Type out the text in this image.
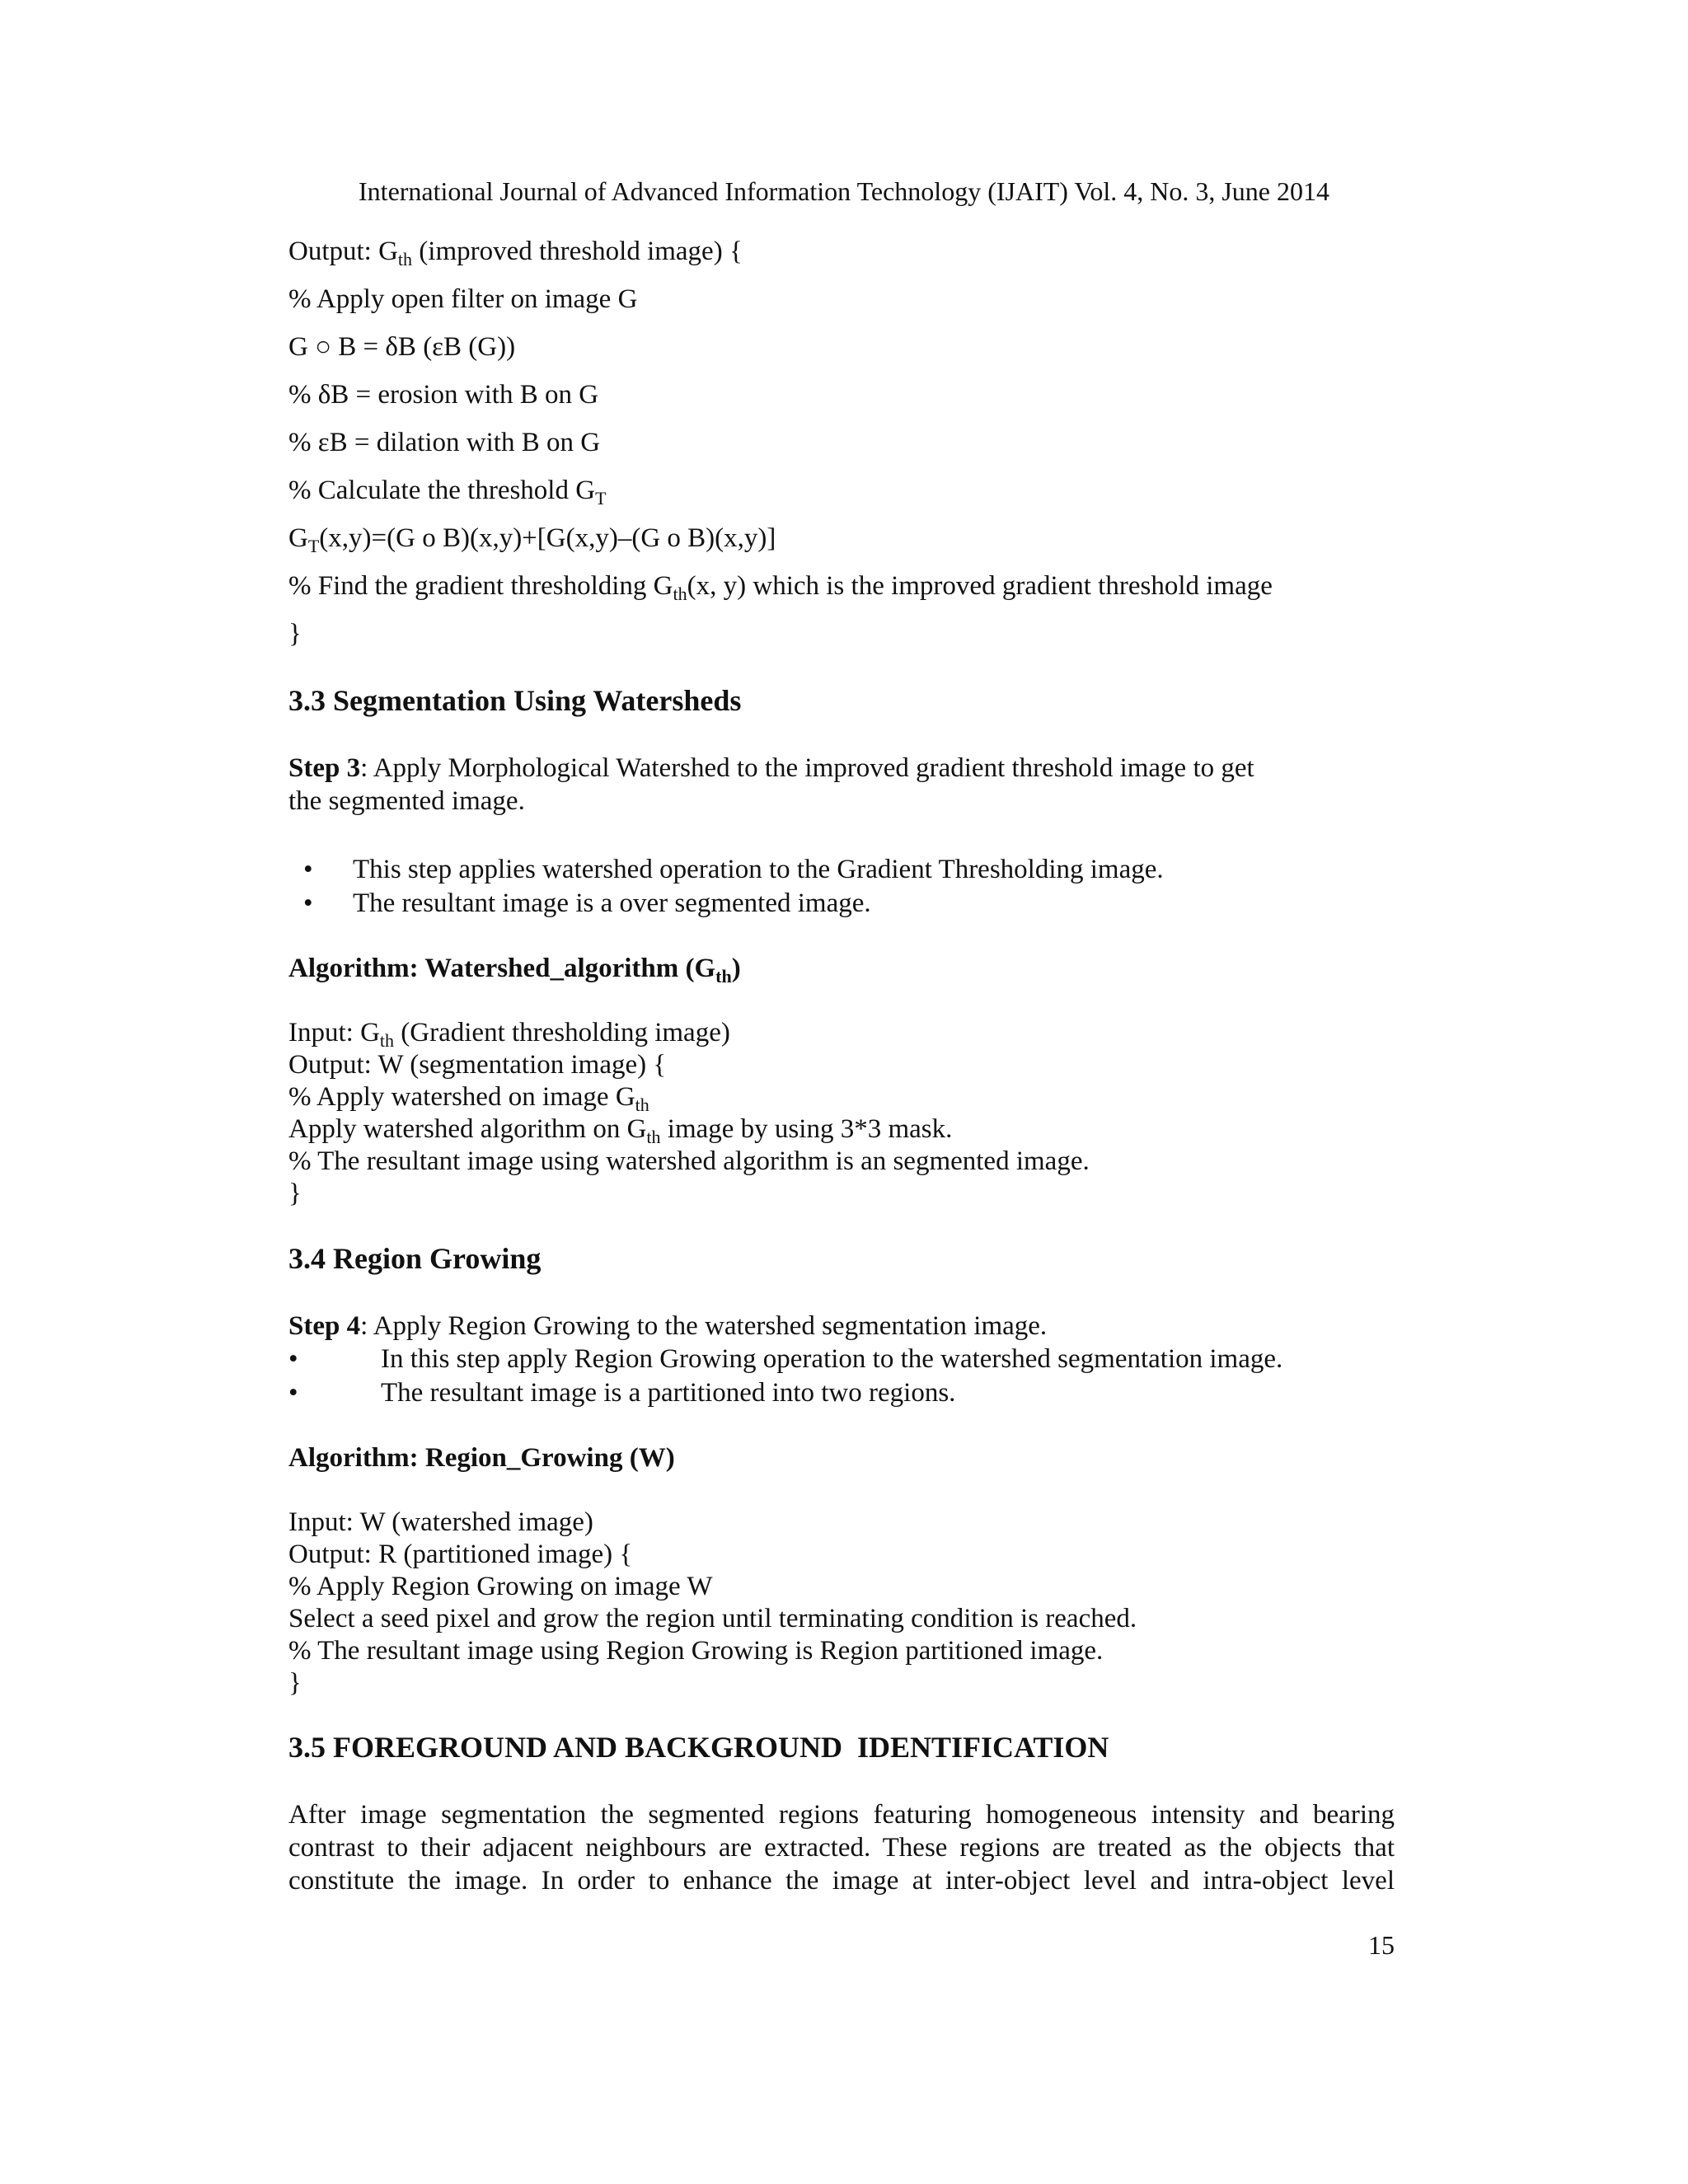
International Journal of Advanced Information Technology (IJAIT) Vol. 4, No. 3, June 2014

Output: $G_{th}$ (improved threshold image) {

% Apply open filter on image G

G ○ B = δB (εB (G))

% δB = erosion with B on G

% εB = dilation with B on G

% Calculate the threshold $G_T$

$G_T(x,y)=(G$ o B)(x,y)+[G(x,y)–(G o B)(x,y)]

% Find the gradient thresholding $G_{th}(x$, y) which is the improved gradient threshold image

}

3.3 Segmentation Using Watersheds

Step 3: Apply Morphological Watershed to the improved gradient threshold image to get

the segmented image.

• This step applies watershed operation to the Gradient Thresholding image.
• The resultant image is a over segmented image.
Algorithm: Watershed_algorithm $(G_{th})$

Input: $G_{th}$ (Gradient thresholding image)

Output: W (segmentation image) {

% Apply watershed on image $G_{th}$

Apply watershed algorithm on $G_{th}$ image by using 3*3 mask.

% The resultant image using watershed algorithm is an segmented image.

}

3.4 Region Growing

Step 4: Apply Region Growing to the watershed segmentation image.

•	In this step apply Region Growing operation to the watershed segmentation image.
•	The resultant image is a partitioned into two regions.
Algorithm: Region_Growing (W)

Input: W (watershed image)

Output: R (partitioned image) {

% Apply Region Growing on image W

Select a seed pixel and grow the region until terminating condition is reached.

% The resultant image using Region Growing is Region partitioned image.

}

3.5 FOREGROUND AND BACKGROUND  IDENTIFICATION

After image segmentation the segmented regions featuring homogeneous intensity and bearing

contrast to their adjacent neighbours are extracted. These regions are treated as the objects that

constitute the image. In order to enhance the image at inter-object level and intra-object level

15
